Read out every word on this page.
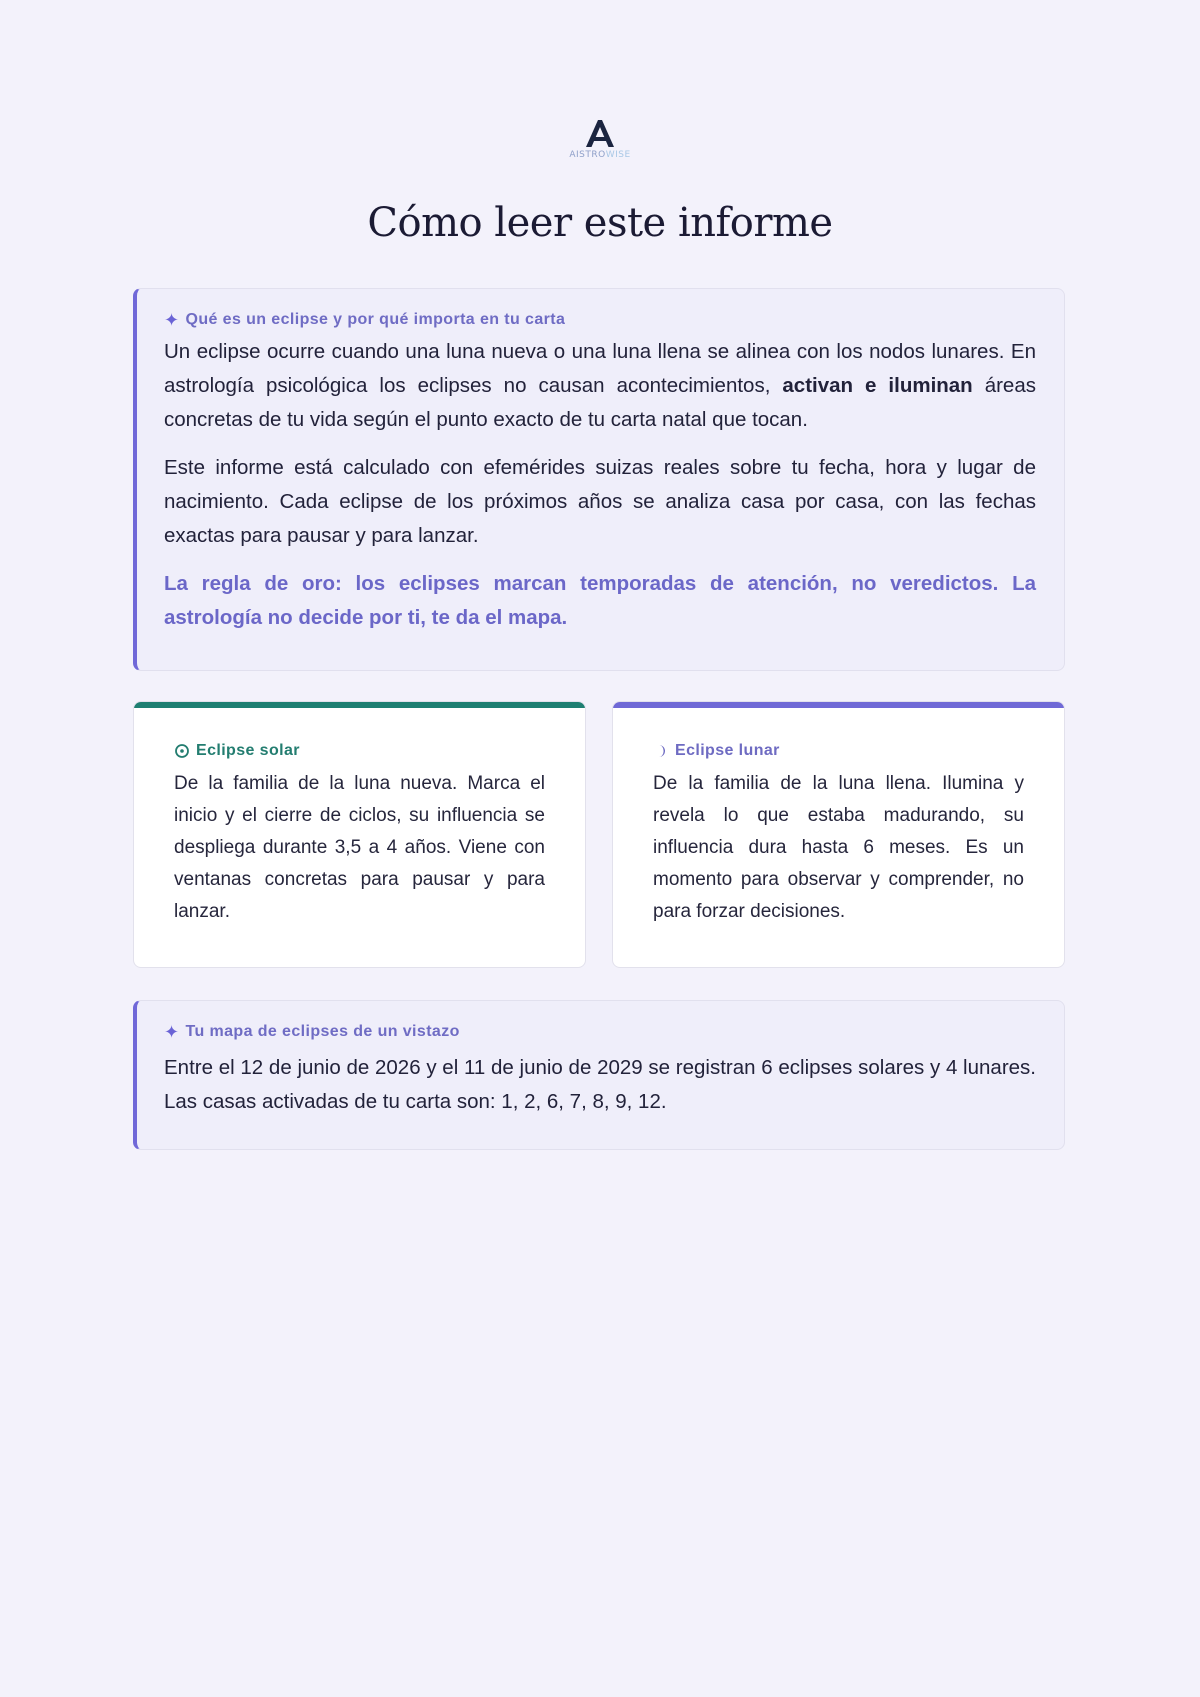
AISTROWISE
Cómo leer este informe
✦ Qué es un eclipse y por qué importa en tu carta

Un eclipse ocurre cuando una luna nueva o una luna llena se alinea con los nodos lunares. En astrología psicológica los eclipses no causan acontecimientos, activan e iluminan áreas concretas de tu vida según el punto exacto de tu carta natal que tocan.

Este informe está calculado con efemérides suizas reales sobre tu fecha, hora y lugar de nacimiento. Cada eclipse de los próximos años se analiza casa por casa, con las fechas exactas para pausar y para lanzar.

La regla de oro: los eclipses marcan temporadas de atención, no veredictos. La astrología no decide por ti, te da el mapa.

Eclipse solar

De la familia de la luna nueva. Marca el inicio y el cierre de ciclos, su influencia se despliega durante 3,5 a 4 años. Viene con ventanas concretas para pausar y para lanzar.

Eclipse lunar

De la familia de la luna llena. Ilumina y revela lo que estaba madurando, su influencia dura hasta 6 meses. Es un momento para observar y comprender, no para forzar decisiones.

✦ Tu mapa de eclipses de un vistazo

Entre el 12 de junio de 2026 y el 11 de junio de 2029 se registran 6 eclipses solares y 4 lunares. Las casas activadas de tu carta son: 1, 2, 6, 7, 8, 9, 12.
